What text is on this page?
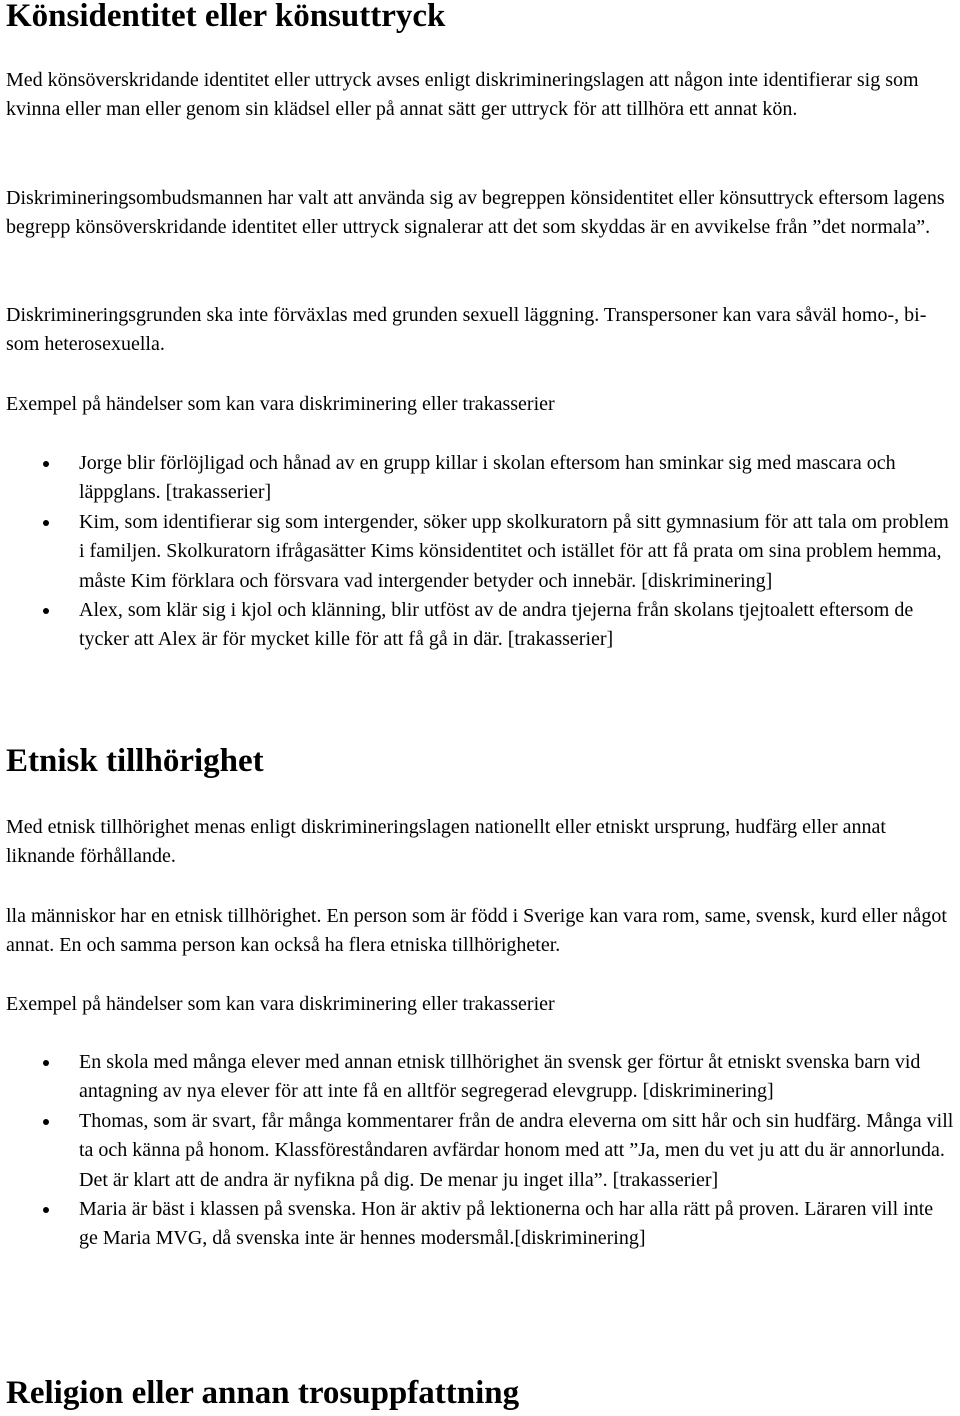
Könsidentitet eller könsuttryck

Med könsöverskridande identitet eller uttryck avses enligt diskrimineringslagen att någon inte identifierar sig som kvinna eller man eller genom sin klädsel eller på annat sätt ger uttryck för att tillhöra ett annat kön.

Diskrimineringsombudsmannen har valt att använda sig av begreppen könsidentitet eller könsuttryck eftersom lagens begrepp könsöverskridande identitet eller uttryck signalerar att det som skyddas är en avvikelse från ”det normala”.

Diskrimineringsgrunden ska inte förväxlas med grunden sexuell läggning. Transpersoner kan vara såväl homo-, bi- som heterosexuella.

Exempel på händelser som kan vara diskriminering eller trakasserier

Jorge blir förlöjligad och hånad av en grupp killar i skolan eftersom han sminkar sig med mascara och läppglans. [trakasserier]
Kim, som identifierar sig som intergender, söker upp skolkuratorn på sitt gymnasium för att tala om problem i familjen. Skolkuratorn ifrågasätter Kims könsidentitet och istället för att få prata om sina problem hemma, måste Kim förklara och försvara vad intergender betyder och innebär. [diskriminering]
Alex, som klär sig i kjol och klänning, blir utföst av de andra tjejerna från skolans tjejtoalett eftersom de tycker att Alex är för mycket kille för att få gå in där. [trakasserier]
Etnisk tillhörighet

Med etnisk tillhörighet menas enligt diskrimineringslagen nationellt eller etniskt ursprung, hudfärg eller annat liknande förhållande.

lla människor har en etnisk tillhörighet. En person som är född i Sverige kan vara rom, same, svensk, kurd eller något annat. En och samma person kan också ha flera etniska tillhörigheter.

Exempel på händelser som kan vara diskriminering eller trakasserier

En skola med många elever med annan etnisk tillhörighet än svensk ger förtur åt etniskt svenska barn vid antagning av nya elever för att inte få en alltför segregerad elevgrupp. [diskriminering]
Thomas, som är svart, får många kommentarer från de andra eleverna om sitt hår och sin hudfärg. Många vill ta och känna på honom. Klassföreståndaren avfärdar honom med att ”Ja, men du vet ju att du är annorlunda. Det är klart att de andra är nyfikna på dig. De menar ju inget illa”. [trakasserier]
Maria är bäst i klassen på svenska. Hon är aktiv på lektionerna och har alla rätt på proven. Läraren vill inte ge Maria MVG, då svenska inte är hennes modersmål.[diskriminering]
Religion eller annan trosuppfattning
